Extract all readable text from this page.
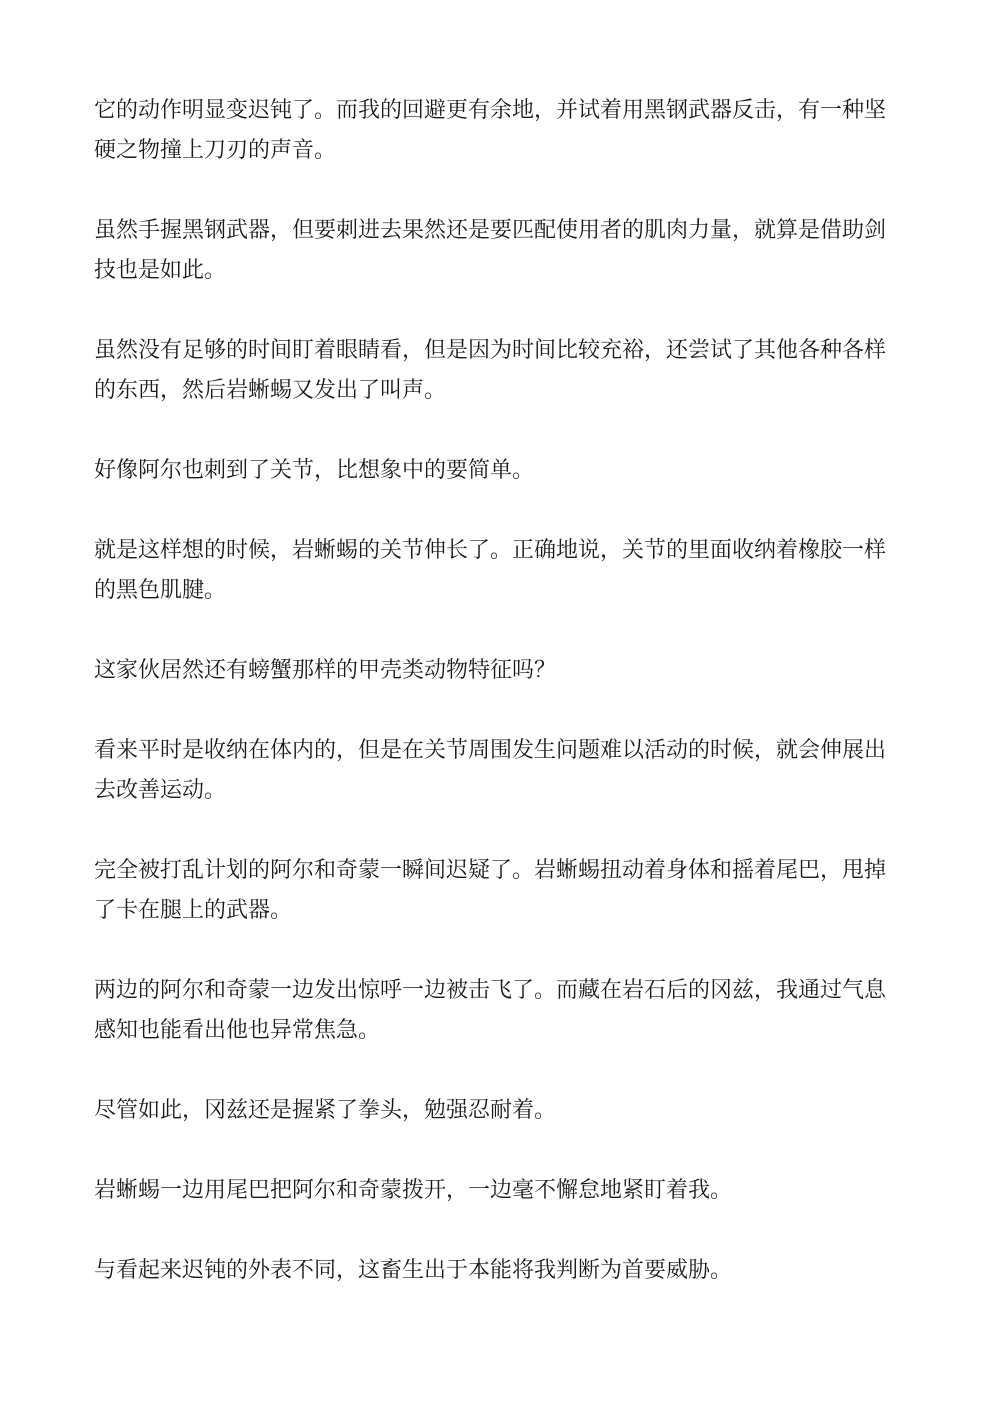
它的动作明显变迟钝了。而我的回避更有余地，并试着用黑钢武器反击，有一种坚硬之物撞上刀刃的声音。

虽然手握黑钢武器，但要刺进去果然还是要匹配使用者的肌肉力量，就算是借助剑技也是如此。

虽然没有足够的时间盯着眼睛看，但是因为时间比较充裕，还尝试了其他各种各样的东西，然后岩蜥蜴又发出了叫声。

好像阿尔也刺到了关节，比想象中的要简单。

就是这样想的时候，岩蜥蜴的关节伸长了。正确地说，关节的里面收纳着橡胶一样的黑色肌腱。

这家伙居然还有螃蟹那样的甲壳类动物特征吗？

看来平时是收纳在体内的，但是在关节周围发生问题难以活动的时候，就会伸展出去改善运动。

完全被打乱计划的阿尔和奇蒙一瞬间迟疑了。岩蜥蜴扭动着身体和摇着尾巴，甩掉了卡在腿上的武器。

两边的阿尔和奇蒙一边发出惊呼一边被击飞了。而藏在岩石后的冈兹，我通过气息感知也能看出他也异常焦急。

尽管如此，冈兹还是握紧了拳头，勉强忍耐着。

岩蜥蜴一边用尾巴把阿尔和奇蒙拨开，一边毫不懈怠地紧盯着我。

与看起来迟钝的外表不同，这畜生出于本能将我判断为首要威胁。
